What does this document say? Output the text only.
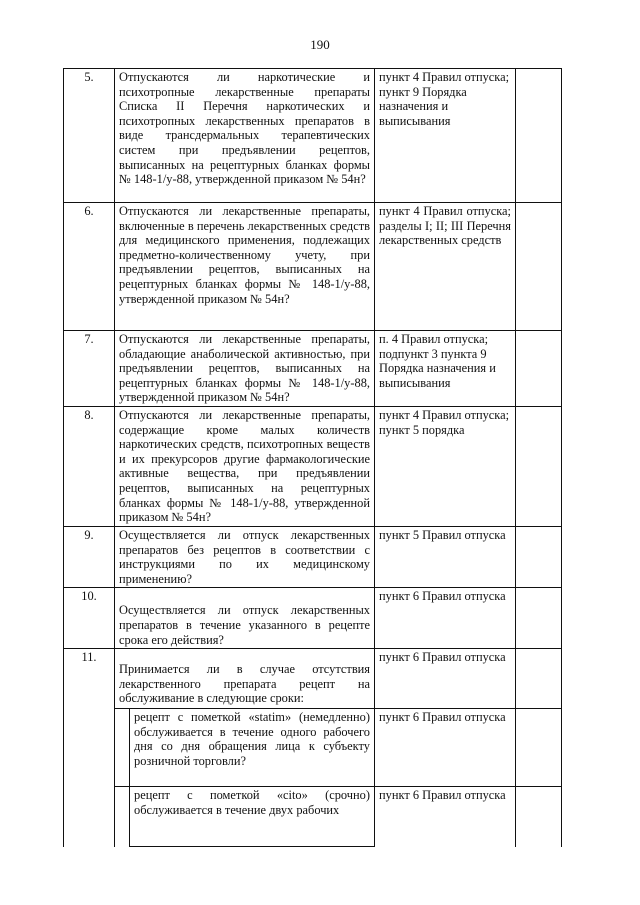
190
5.	Отпускаются ли наркотические и психотропные лекарственные препараты Списка II Перечня наркотических и психотропных лекарственных препаратов в виде трансдермальных терапевтических систем при предъявлении рецептов, выписанных на рецептурных бланках формы № 148-1/у-88, утвержденной приказом № 54н?		пункт 4 Правил отпуска; пункт 9 Порядка назначения и выписывания	

6.	Отпускаются ли лекарственные препараты, включенные в перечень лекарственных средств для медицинского применения, подлежащих предметно-количественному учету, при предъявлении рецептов, выписанных на рецептурных бланках формы № 148-1/у-88, утвержденной приказом № 54н?		пункт 4 Правил отпуска; разделы I; II; III Перечня лекарственных средств	

7.	Отпускаются ли лекарственные препараты, обладающие анаболической активностью, при предъявлении рецептов, выписанных на рецептурных бланках формы № 148-1/у-88, утвержденной приказом № 54н?		п. 4 Правил отпуска; подпункт 3 пункта 9 Порядка назначения и выписывания	

8.	Отпускаются ли лекарственные препараты, содержащие кроме малых количеств наркотических средств, психотропных веществ и их прекурсоров другие фармакологические активные вещества, при предъявлении рецептов, выписанных на рецептурных бланках формы № 148-1/у-88, утвержденной приказом № 54н?		пункт 4 Правил отпуска; пункт 5 порядка	

9.	Осуществляется ли отпуск лекарственных препаратов без рецептов в соответствии с инструкциями по их медицинскому применению?		пункт 5 Правил отпуска	

10.	Осуществляется ли отпуск лекарственных препаратов в течение указанного в рецепте срока его действия?		пункт 6 Правил отпуска	

11.	Принимается ли в случае отсутствия лекарственного препарата рецепт на обслуживание в следующие сроки:		пункт 6 Правил отпуска	

		рецепт с пометкой «statim» (немедленно) обслуживается в течение одного рабочего дня со дня обращения лица к субъекту розничной торговли?	пункт 6 Правил отпуска	

		рецепт с пометкой «cito» (срочно) обслуживается в течение двух рабочих	пункт 6 Правил отпуска	
